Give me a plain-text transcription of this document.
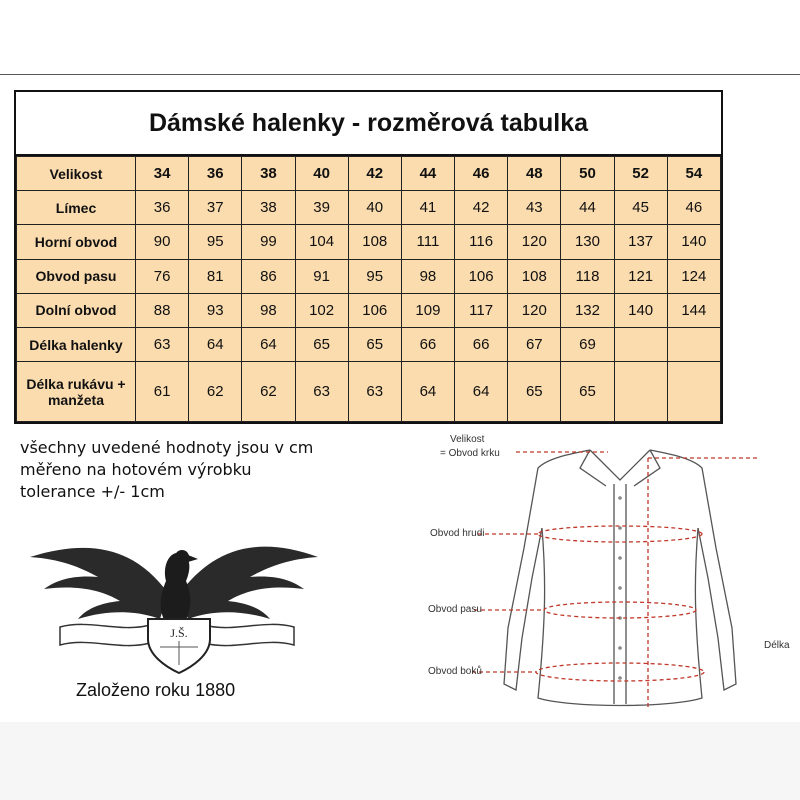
Dámské halenky - rozměrová tabulka
Velikost	34	36	38	40	42	44	46	48	50	52	54
Límec	36	37	38	39	40	41	42	43	44	45	46
Horní obvod	90	95	99	104	108	111	116	120	130	137	140
Obvod pasu	76	81	86	91	95	98	106	108	118	121	124
Dolní obvod	88	93	98	102	106	109	117	120	132	140	144
Délka halenky	63	64	64	65	65	66	66	67	69		
Délka rukávu + manžeta	61	62	62	63	63	64	64	65	65		
všechny uvedené hodnoty jsou v cm
měřeno na hotovém výrobku
tolerance +/- 1cm
J.Š.
Založeno roku 1880
Velikost
= Obvod krku
Obvod hrudi
Obvod pasu
Obvod boků
Délka
